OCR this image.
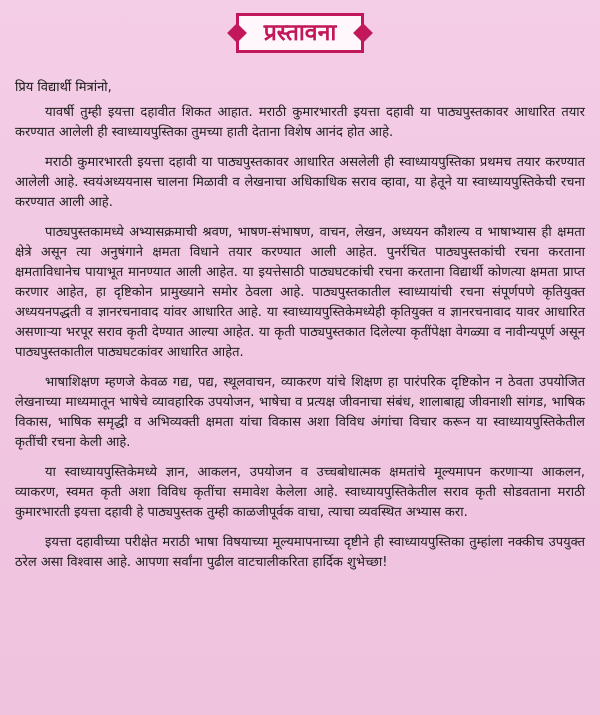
प्रस्तावना

प्रिय विद्यार्थी मित्रांनो,

यावर्षी तुम्ही इयत्ता दहावीत शिकत आहात. मराठी कुमारभारती इयत्ता दहावी या पाठ्यपुस्तकावर आधारित तयार करण्यात आलेली ही स्वाध्यायपुस्तिका तुमच्या हाती देताना विशेष आनंद होत आहे.

मराठी कुमारभारती इयत्ता दहावी या पाठ्यपुस्तकावर आधारित असलेली ही स्वाध्यायपुस्तिका प्रथमच तयार करण्यात आलेली आहे. स्वयंअध्ययनास चालना मिळावी व लेखनाचा अधिकाधिक सराव व्हावा, या हेतूने या स्वाध्यायपुस्तिकेची रचना करण्यात आली आहे.

पाठ्यपुस्तकामध्ये अभ्यासक्रमाची श्रवण, भाषण-संभाषण, वाचन, लेखन, अध्ययन कौशल्य व भाषाभ्यास ही क्षमता क्षेत्रे असून त्या अनुषंगाने क्षमता विधाने तयार करण्यात आली आहेत. पुनर्रचित पाठ्यपुस्तकांची रचना करताना क्षमताविधानेच पायाभूत मानण्यात आली आहेत. या इयत्तेसाठी पाठ्यघटकांची रचना करताना विद्यार्थी कोणत्या क्षमता प्राप्त करणार आहेत, हा दृष्टिकोन प्रामुख्याने समोर ठेवला आहे. पाठ्यपुस्तकातील स्वाध्यायांची रचना संपूर्णपणे कृतियुक्त अध्ययनपद्धती व ज्ञानरचनावाद यांवर आधारित आहे. या स्वाध्यायपुस्तिकेमध्येही कृतियुक्त व ज्ञानरचनावाद यावर आधारित असणाऱ्या भरपूर सराव कृती देण्यात आल्या आहेत. या कृती पाठ्यपुस्तकात दिलेल्या कृतींपेक्षा वेगळ्या व नावीन्यपूर्ण असून पाठ्यपुस्तकातील पाठ्यघटकांवर आधारित आहेत.

भाषाशिक्षण म्हणजे केवळ गद्य, पद्य, स्थूलवाचन, व्याकरण यांचे शिक्षण हा पारंपरिक दृष्टिकोन न ठेवता उपयोजित लेखनाच्या माध्यमातून भाषेचे व्यावहारिक उपयोजन, भाषेचा व प्रत्यक्ष जीवनाचा संबंध, शालाबाह्य जीवनाशी सांगड, भाषिक विकास, भाषिक समृद्धी व अभिव्यक्ती क्षमता यांचा विकास अशा विविध अंगांचा विचार करून या स्वाध्यायपुस्तिकेतील कृतींची रचना केली आहे.

या स्वाध्यायपुस्तिकेमध्ये ज्ञान, आकलन, उपयोजन व उच्चबोधात्मक क्षमतांचे मूल्यमापन करणाऱ्या आकलन, व्याकरण, स्वमत कृती अशा विविध कृतींचा समावेश केलेला आहे. स्वाध्यायपुस्तिकेतील सराव कृती सोडवताना मराठी कुमारभारती इयत्ता दहावी हे पाठ्यपुस्तक तुम्ही काळजीपूर्वक वाचा, त्याचा व्यवस्थित अभ्यास करा.

इयत्ता दहावीच्या परीक्षेत मराठी भाषा विषयाच्या मूल्यमापनाच्या दृष्टीने ही स्वाध्यायपुस्तिका तुम्हांला नक्कीच उपयुक्त ठरेल असा विश्वास आहे. आपणा सर्वांना पुढील वाटचालीकरिता हार्दिक शुभेच्छा!
